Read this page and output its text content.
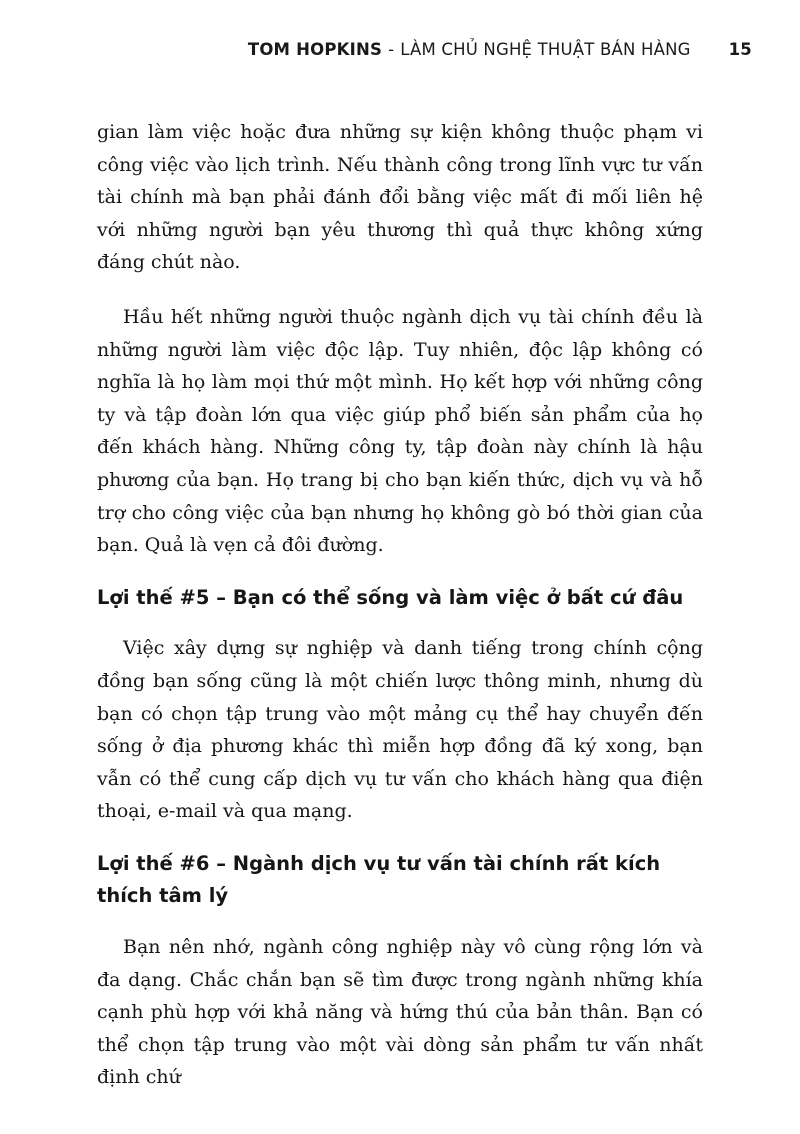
TOM HOPKINS - LÀM CHỦ NGHỆ THUẬT BÁN HÀNG 15

gian làm việc hoặc đưa những sự kiện không thuộc phạm vi công việc vào lịch trình. Nếu thành công trong lĩnh vực tư vấn tài chính mà bạn phải đánh đổi bằng việc mất đi mối liên hệ với những người bạn yêu thương thì quả thực không xứng đáng chút nào.

Hầu hết những người thuộc ngành dịch vụ tài chính đều là những người làm việc độc lập. Tuy nhiên, độc lập không có nghĩa là họ làm mọi thứ một mình. Họ kết hợp với những công ty và tập đoàn lớn qua việc giúp phổ biến sản phẩm của họ đến khách hàng. Những công ty, tập đoàn này chính là hậu phương của bạn. Họ trang bị cho bạn kiến thức, dịch vụ và hỗ trợ cho công việc của bạn nhưng họ không gò bó thời gian của bạn. Quả là vẹn cả đôi đường.

Lợi thế #5 – Bạn có thể sống và làm việc ở bất cứ đâu

Việc xây dựng sự nghiệp và danh tiếng trong chính cộng đồng bạn sống cũng là một chiến lược thông minh, nhưng dù bạn có chọn tập trung vào một mảng cụ thể hay chuyển đến sống ở địa phương khác thì miễn hợp đồng đã ký xong, bạn vẫn có thể cung cấp dịch vụ tư vấn cho khách hàng qua điện thoại, e-mail và qua mạng.

Lợi thế #6 – Ngành dịch vụ tư vấn tài chính rất kích thích tâm lý

Bạn nên nhớ, ngành công nghiệp này vô cùng rộng lớn và đa dạng. Chắc chắn bạn sẽ tìm được trong ngành những khía cạnh phù hợp với khả năng và hứng thú của bản thân. Bạn có thể chọn tập trung vào một vài dòng sản phẩm tư vấn nhất định chứ
